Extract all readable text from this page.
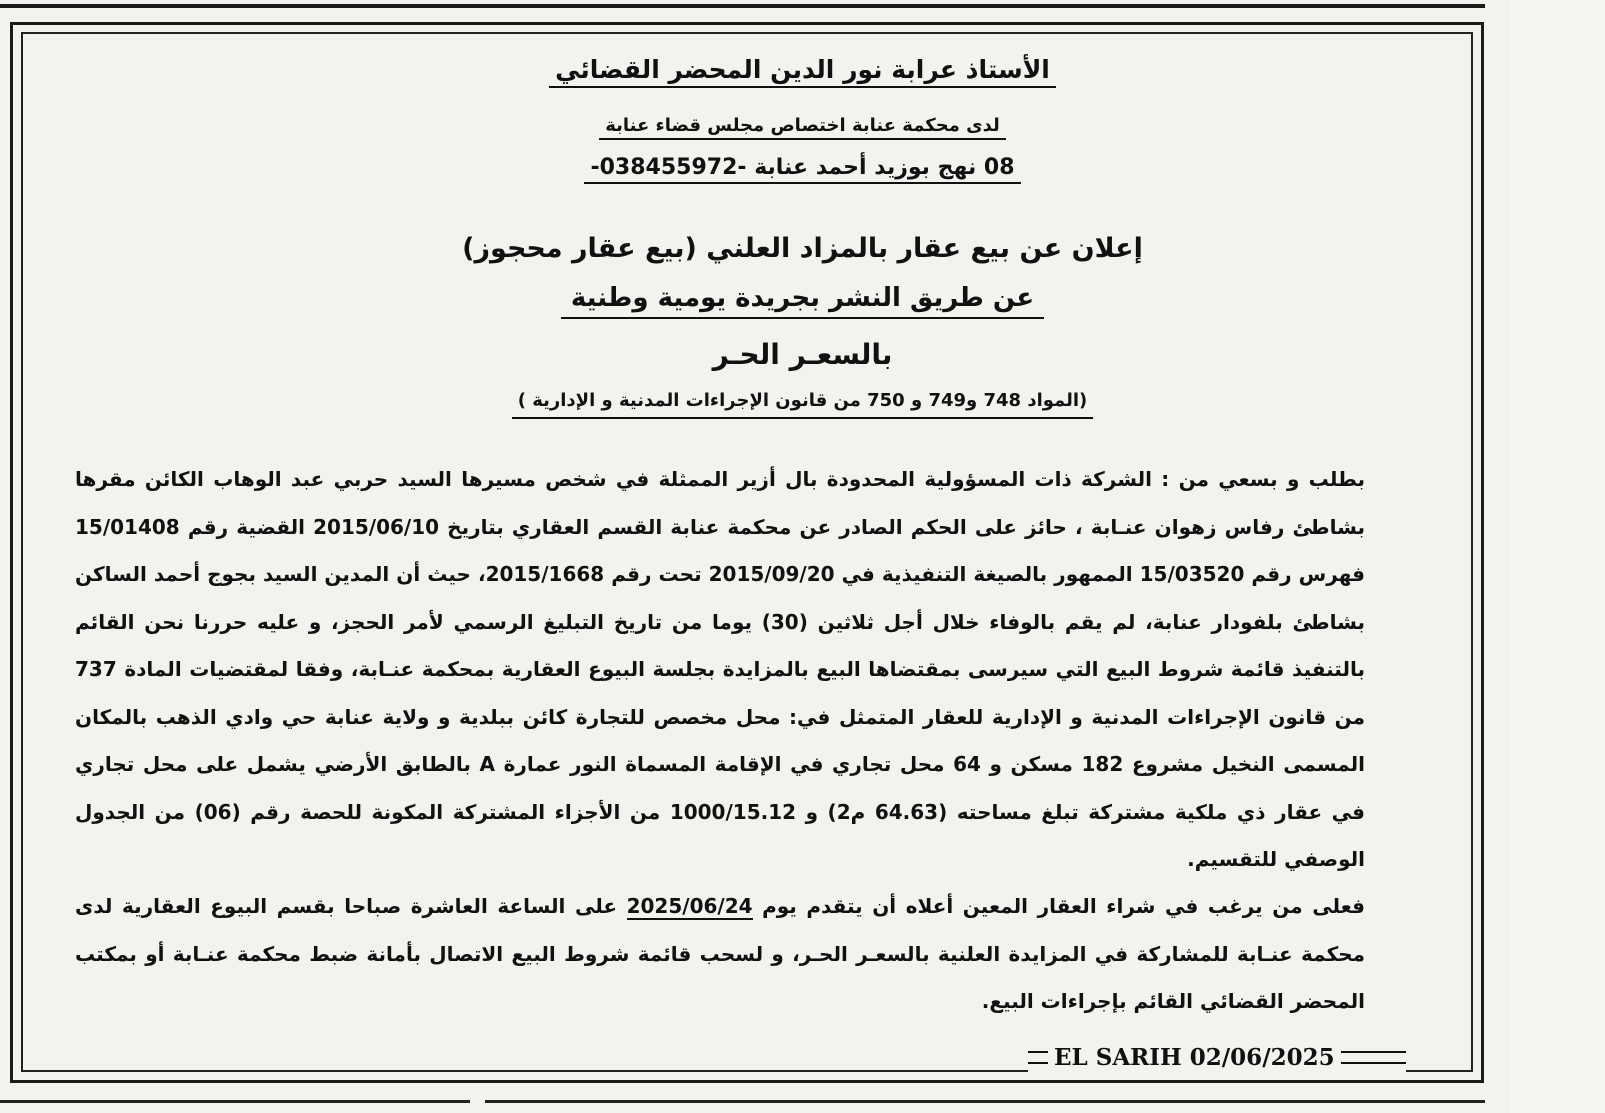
الأستاذ عرابة نور الدين المحضر القضائي
لدى محكمة عنابة اختصاص مجلس قضاء عنابة
08 نهج بوزيد أحمد عنابة -038455972-
إعلان عن بيع عقار بالمزاد العلني (بيع عقار محجوز)
عن طريق النشر بجريدة يومية وطنية
بالسعـر الحـر
(المواد 748 و749 و 750 من قانون الإجراءات المدنية و الإدارية )
بطلب و بسعي من : الشركة ذات المسؤولية المحدودة بال أزير الممثلة في شخص مسيرها السيد حربي عبد الوهاب الكائن مقرها بشاطئ رفاس زهوان عنـابة ، حائز على الحكم الصادر عن محكمة عنابة القسم العقاري بتاريخ 2015/06/10 القضية رقم 15/01408 فهرس رقم 15/03520 الممهور بالصيغة التنفيذية في 2015/09/20 تحت رقم 2015/1668، حيث أن المدين السيد بجوج أحمد الساكن بشاطئ بلفودار عنابة، لم يقم بالوفاء خلال أجل ثلاثين (30) يوما من تاريخ التبليغ الرسمي لأمر الحجز، و عليه حررنا نحن القائم بالتنفيذ قائمة شروط البيع التي سيرسى بمقتضاها البيع بالمزايدة بجلسة البيوع العقارية بمحكمة عنـابة، وفقا لمقتضيات المادة 737 من قانون الإجراءات المدنية و الإدارية للعقار المتمثل في: محل مخصص للتجارة كائن ببلدية و ولاية عنابة حي وادي الذهب بالمكان المسمى النخيل مشروع 182 مسكن و 64 محل تجاري في الإقامة المسماة النور عمارة A بالطابق الأرضي يشمل على محل تجاري في عقار ذي ملكية مشتركة تبلغ مساحته (64.63 م2) و 1000/15.12 من الأجزاء المشتركة المكونة للحصة رقم (06) من الجدول الوصفي للتقسيم.
فعلى من يرغب في شراء العقار المعين أعلاه أن يتقدم يوم 2025/06/24 على الساعة العاشرة صباحا بقسم البيوع العقارية لدى محكمة عنـابة للمشاركة في المزايدة العلنية بالسعـر الحـر، و لسحب قائمة شروط البيع الاتصال بأمانة ضبط محكمة عنـابة أو بمكتب المحضر القضائي القائم بإجراءات البيع.
EL SARIH 02/06/2025
